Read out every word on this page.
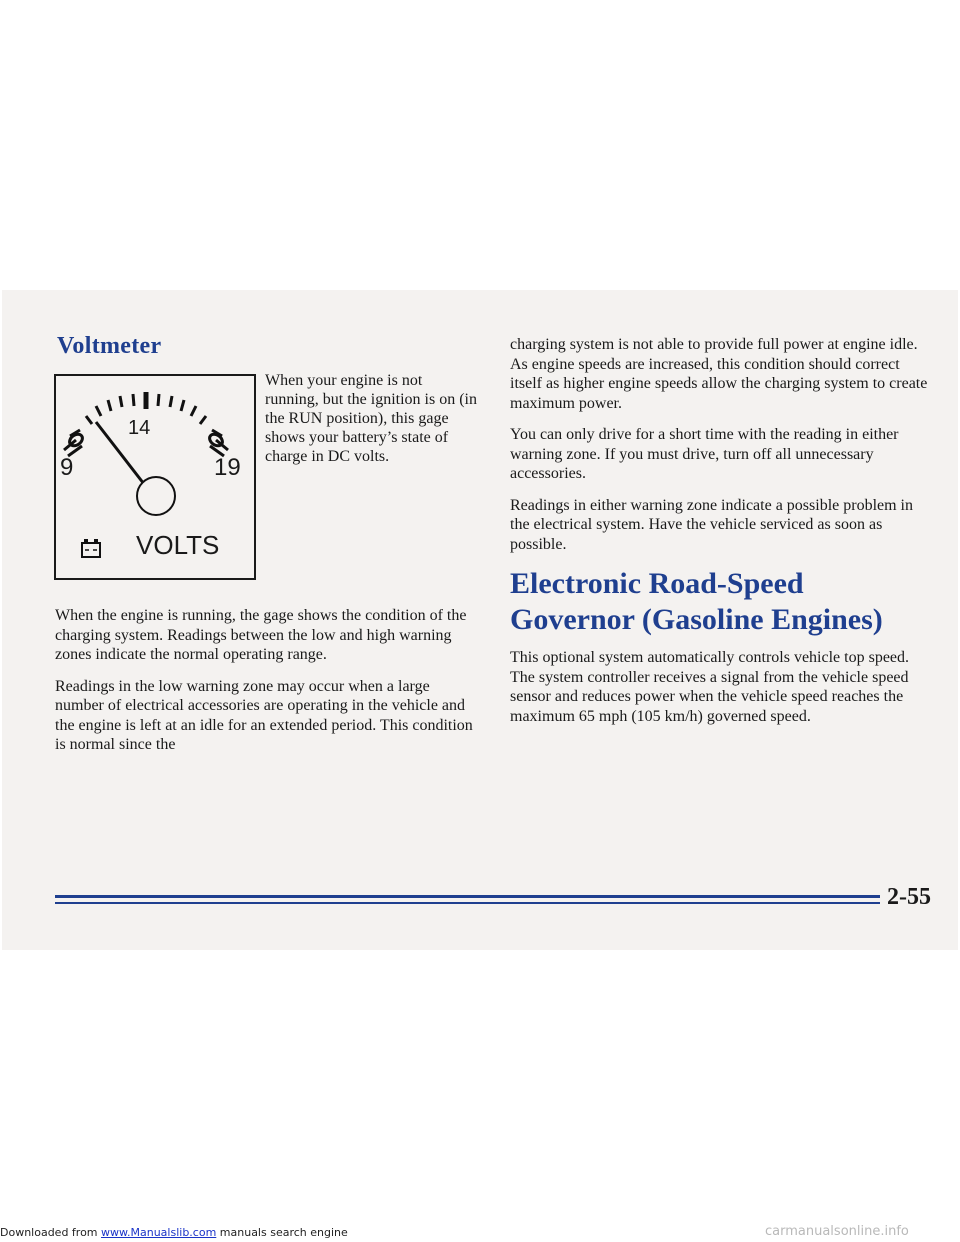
Voltmeter
14
9	19
VOLTS
When your engine is not running, but the ignition is on (in the RUN position), this gage shows your battery’s state of charge in DC volts.

When the engine is running, the gage shows the condition of the charging system. Readings between the low and high warning zones indicate the normal operating range.

Readings in the low warning zone may occur when a large number of electrical accessories are operating in the vehicle and the engine is left at an idle for an extended period. This condition is normal since the

charging system is not able to provide full power at engine idle. As engine speeds are increased, this condition should correct itself as higher engine speeds allow the charging system to create maximum power.

You can only drive for a short time with the reading in either warning zone. If you must drive, turn off all unnecessary accessories.

Readings in either warning zone indicate a possible problem in the electrical system. Have the vehicle serviced as soon as possible.

Electronic Road-Speed Governor (Gasoline Engines)

This optional system automatically controls vehicle top speed. The system controller receives a signal from the vehicle speed sensor and reduces power when the vehicle speed reaches the maximum 65 mph (105 km/h) governed speed.

2-55
Downloaded from www.Manualslib.com manuals search engine	carmanualsonline.info
